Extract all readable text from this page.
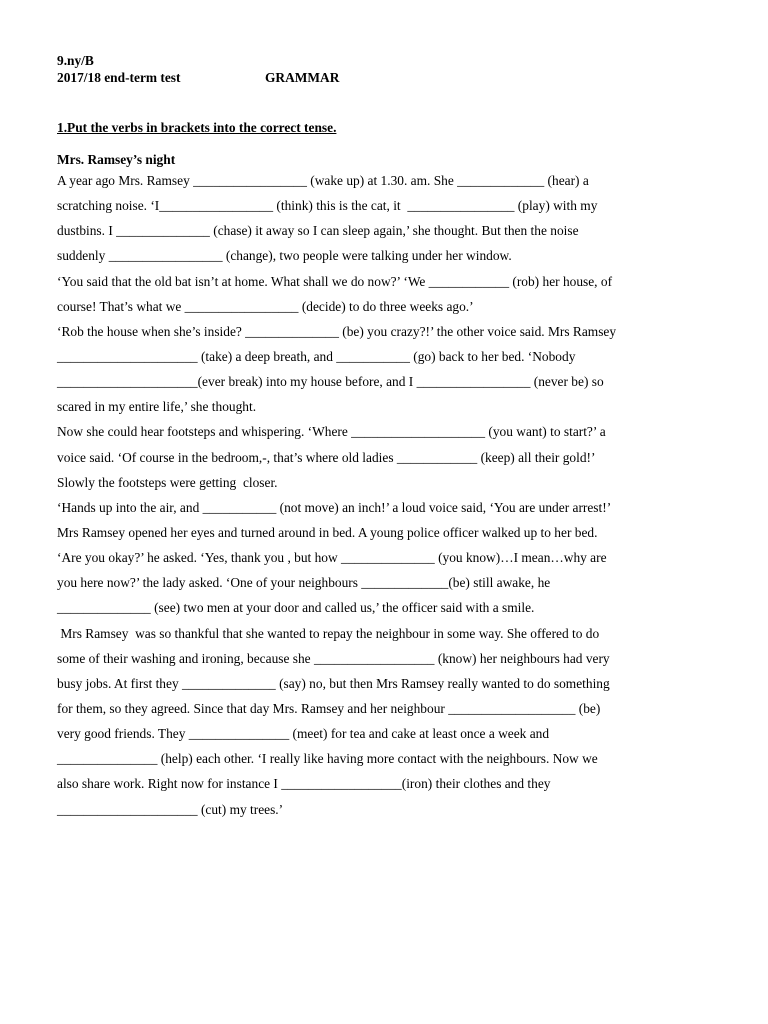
9.ny/B
2017/18 end-term test	GRAMMAR
1.Put the verbs in brackets into the correct tense.
Mrs. Ramsey’s night
A year ago Mrs. Ramsey _________________ (wake up) at 1.30. am. She _____________ (hear) a
scratching noise. ‘I_________________ (think) this is the cat, it  ________________ (play) with my
dustbins. I ______________ (chase) it away so I can sleep again,’ she thought. But then the noise
suddenly _________________ (change), two people were talking under her window.
‘You said that the old bat isn’t at home. What shall we do now?’ ‘We ____________ (rob) her house, of
course! That’s what we _________________ (decide) to do three weeks ago.’
‘Rob the house when she’s inside? ______________ (be) you crazy?!’ the other voice said. Mrs Ramsey
_____________________ (take) a deep breath, and ___________ (go) back to her bed. ‘Nobody
_____________________(ever break) into my house before, and I _________________ (never be) so
scared in my entire life,’ she thought.
Now she could hear footsteps and whispering. ‘Where ____________________ (you want) to start?’ a
voice said. ‘Of course in the bedroom,-, that’s where old ladies ____________ (keep) all their gold!’
Slowly the footsteps were getting  closer.
‘Hands up into the air, and ___________ (not move) an inch!’ a loud voice said, ‘You are under arrest!’
Mrs Ramsey opened her eyes and turned around in bed. A young police officer walked up to her bed.
‘Are you okay?’ he asked. ‘Yes, thank you , but how ______________ (you know)…I mean…why are
you here now?’ the lady asked. ‘One of your neighbours _____________(be) still awake, he
______________ (see) two men at your door and called us,’ the officer said with a smile.
Mrs Ramsey  was so thankful that she wanted to repay the neighbour in some way. She offered to do
some of their washing and ironing, because she __________________ (know) her neighbours had very
busy jobs. At first they ______________ (say) no, but then Mrs Ramsey really wanted to do something
for them, so they agreed. Since that day Mrs. Ramsey and her neighbour ___________________ (be)
very good friends. They _______________ (meet) for tea and cake at least once a week and
_______________ (help) each other. ‘I really like having more contact with the neighbours. Now we
also share work. Right now for instance I __________________(iron) their clothes and they
_____________________ (cut) my trees.’
